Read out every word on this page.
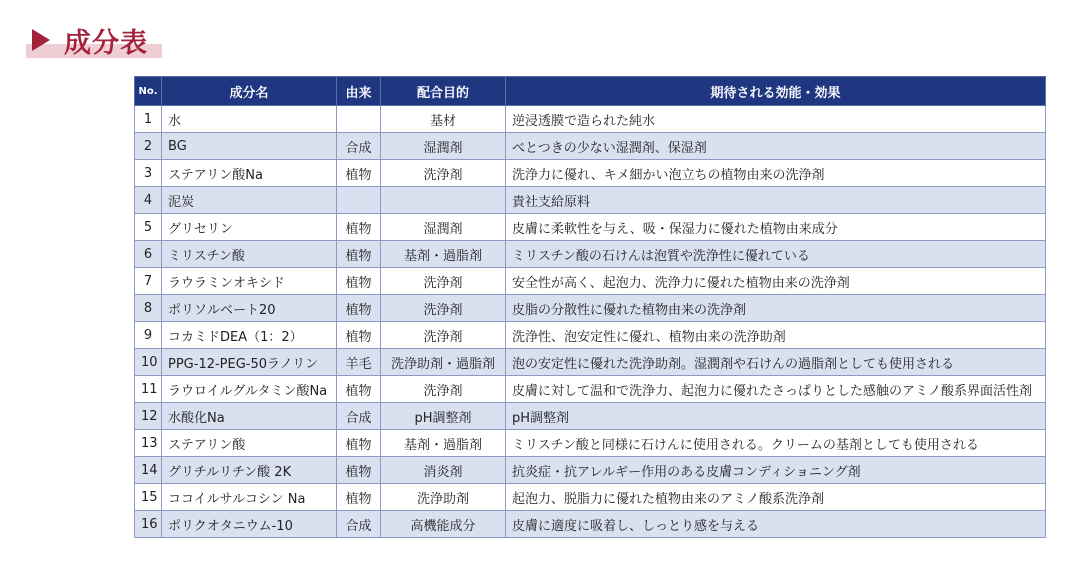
成分表
No.	成分名	由来	配合目的	期待される効能・効果
1	水		基材	逆浸透膜で造られた純水
2	BG	合成	湿潤剤	べとつきの少ない湿潤剤、保湿剤
3	ステアリン酸Na	植物	洗浄剤	洗浄力に優れ、キメ細かい泡立ちの植物由来の洗浄剤
4	泥炭			貴社支給原料
5	グリセリン	植物	湿潤剤	皮膚に柔軟性を与え、吸・保湿力に優れた植物由来成分
6	ミリスチン酸	植物	基剤・過脂剤	ミリスチン酸の石けんは泡質や洗浄性に優れている
7	ラウラミンオキシド	植物	洗浄剤	安全性が高く、起泡力、洗浄力に優れた植物由来の洗浄剤
8	ポリソルベート20	植物	洗浄剤	皮脂の分散性に優れた植物由来の洗浄剤
9	コカミドDEA（1：2）	植物	洗浄剤	洗浄性、泡安定性に優れ、植物由来の洗浄助剤
10	PPG-12-PEG-50ラノリン	羊毛	洗浄助剤・過脂剤	泡の安定性に優れた洗浄助剤。湿潤剤や石けんの過脂剤としても使用される
11	ラウロイルグルタミン酸Na	植物	洗浄剤	皮膚に対して温和で洗浄力、起泡力に優れたさっぱりとした感触のアミノ酸系界面活性剤
12	水酸化Na	合成	pH調整剤	pH調整剤
13	ステアリン酸	植物	基剤・過脂剤	ミリスチン酸と同様に石けんに使用される。クリームの基剤としても使用される
14	グリチルリチン酸 2K	植物	消炎剤	抗炎症・抗アレルギー作用のある皮膚コンディショニング剤
15	ココイルサルコシン Na	植物	洗浄助剤	起泡力、脱脂力に優れた植物由来のアミノ酸系洗浄剤
16	ポリクオタニウム-10	合成	高機能成分	皮膚に適度に吸着し、しっとり感を与える
